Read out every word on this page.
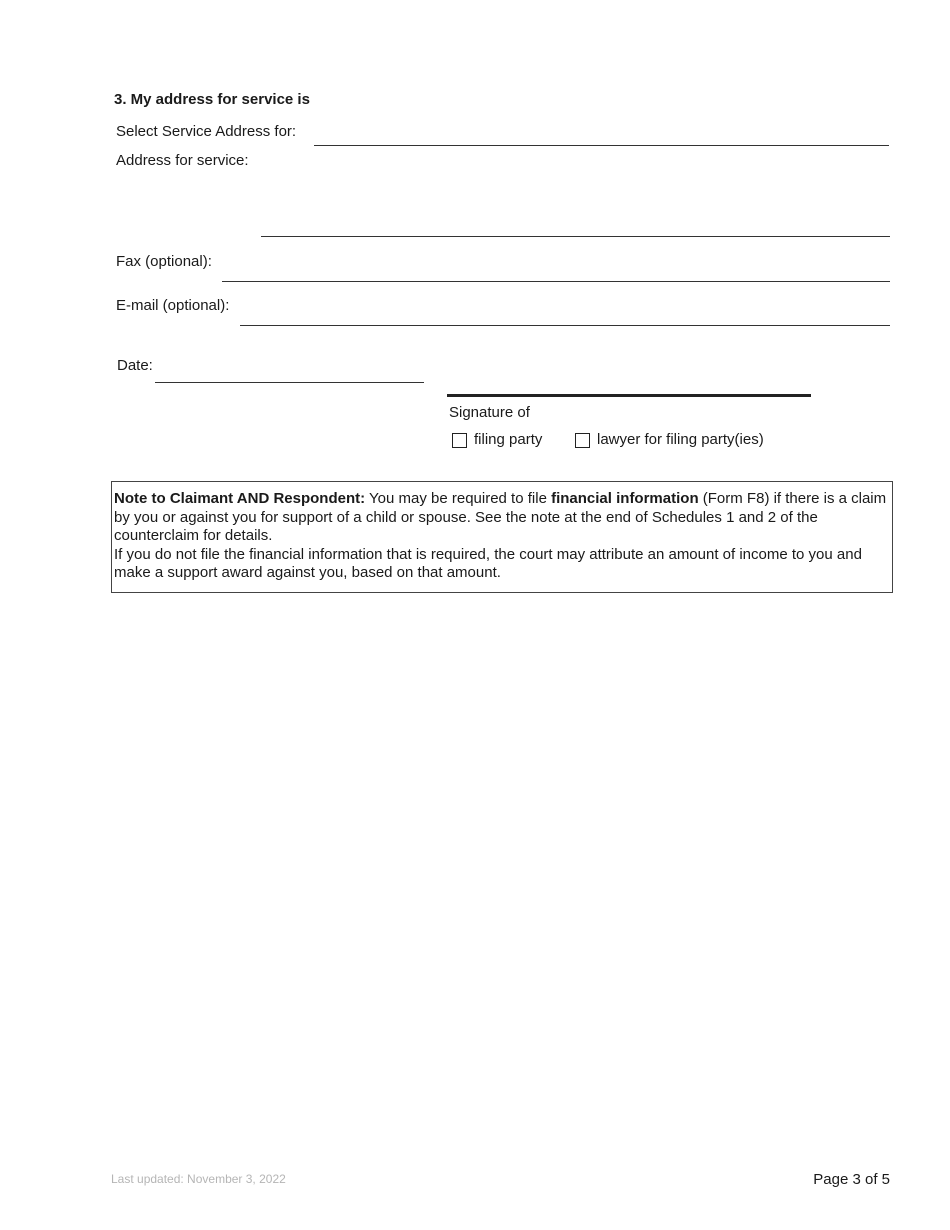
3. My address for service is
Select Service Address for:
Address for service:
Fax (optional):
E-mail (optional):
Date:
Signature of
filing party	lawyer for filing party(ies)
Note to Claimant AND Respondent: You may be required to file financial information (Form F8) if there is a claim by you or against you for support of a child or spouse. See the note at the end of Schedules 1 and 2 of the counterclaim for details.
If you do not file the financial information that is required, the court may attribute an amount of income to you and make a support award against you, based on that amount.
Last updated: November 3, 2022	Page 3 of 5
